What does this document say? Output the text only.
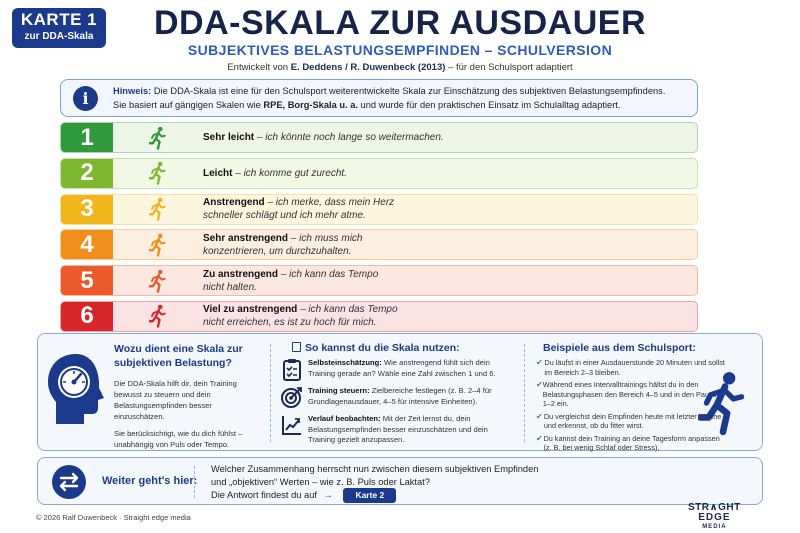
KARTE 1
zur DDA-Skala	DDA-SKALA ZUR AUSDAUER
SUBJEKTIVES BELASTUNGSEMPFINDEN – SCHULVERSION
Entwickelt von E. Deddens / R. Duwenbeck (2013) – für den Schulsport adaptiert
i	Hinweis: Die DDA-Skala ist eine für den Schulsport weiterentwickelte Skala zur Einschätzung des subjektiven Belastungsempfindens.
Sie basiert auf gängigen Skalen wie RPE, Borg-Skala u. a. und wurde für den praktischen Einsatz im Schulalltag adaptiert.
1	Sehr leicht – ich könnte noch lange so weitermachen.
2	Leicht – ich komme gut zurecht.
3	Anstrengend – ich merke, dass mein Herz
schneller schlägt und ich mehr atme.
4	Sehr anstrengend – ich muss mich
konzentrieren, um durchzuhalten.
5	Zu anstrengend – ich kann das Tempo
nicht halten.
6	Viel zu anstrengend – ich kann das Tempo
nicht erreichen, es ist zu hoch für mich.
Wozu dient eine Skala zur subjektiven Belastung?

Die DDA-Skala hilft dir, dein Training bewusst zu steuern und dein Belastungsempfinden besser einzuschätzen.

Sie berücksichtigt, wie du dich fühlst – unabhängig von Puls oder Tempo.

So kannst du die Skala nutzen:
Selbsteinschätzung: Wie anstrengend fühlt sich dein Training gerade an? Wähle eine Zahl zwischen 1 und 6.
Training steuern: Zielbereiche festlegen (z. B. 2–4 für Grundlagenausdauer, 4–5 für intensive Einheiten).
Verlauf beobachten: Mit der Zeit lernst du, dein Belastungsempfinden besser einzuschätzen und dein Training gezielt anzupassen.
Beispiele aus dem Schulsport:
✔ Du läufst in einer Ausdauerstunde 20 Minuten und sollst im Bereich 2–3 bleiben.
✔ Während eines Intervalltrainings hältst du in den Belastungsphasen den Bereich 4–5 und in den Pausen 1–2 ein.
✔ Du vergleichst dein Empfinden heute mit letzter Woche und erkennst, ob du fitter wirst.
✔ Du kannst dein Training an deine Tagesform anpassen (z. B. bei wenig Schlaf oder Stress).
Weiter geht's hier:
Welcher Zusammenhang herrscht nun zwischen diesem subjektiven Empfinden
und „objektiven“ Werten – wie z. B. Puls oder Laktat?
Die Antwort findest du auf →	Karte 2
© 2026 Ralf Duwenbeck · Straight edge media
STR∧GHT
EDGE
MEDIA
